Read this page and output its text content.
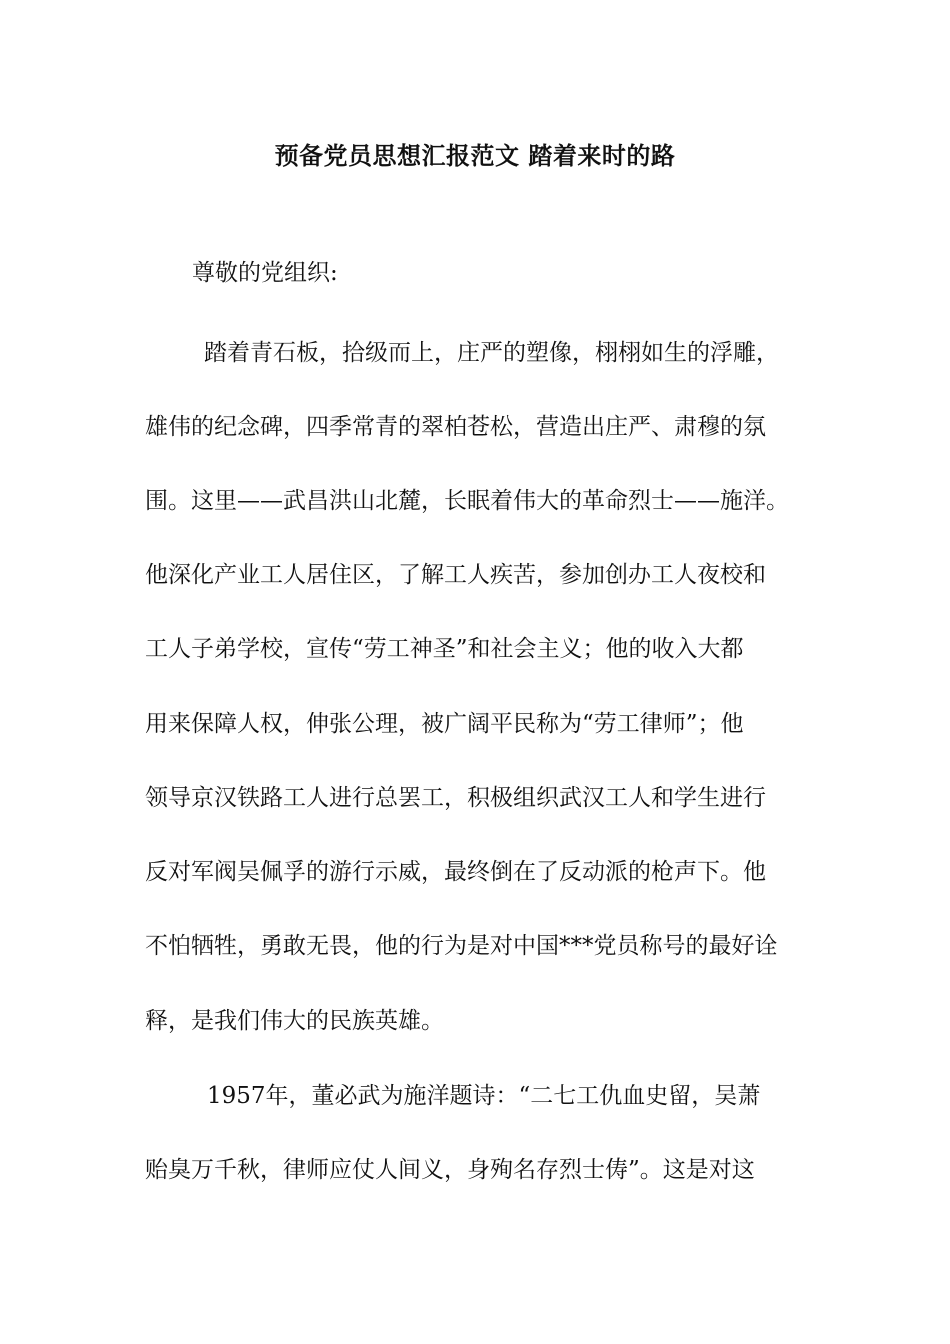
预备党员思想汇报范文 踏着来时的路
尊敬的党组织:
踏着青石板，拾级而上，庄严的塑像，栩栩如生的浮雕，
雄伟的纪念碑，四季常青的翠柏苍松，营造出庄严、肃穆的氛
围。这里——武昌洪山北麓，长眠着伟大的革命烈士——施洋。
他深化产业工人居住区，了解工人疾苦，参加创办工人夜校和
工人子弟学校，宣传“劳工神圣”和社会主义；他的收入大都
用来保障人权，伸张公理，被广阔平民称为“劳工律师”；他
领导京汉铁路工人进行总罢工，积极组织武汉工人和学生进行
反对军阀吴佩孚的游行示威，最终倒在了反动派的枪声下。他
不怕牺牲，勇敢无畏，他的行为是对中国***党员称号的最好诠
释，是我们伟大的民族英雄。
1957年，董必武为施洋题诗：“二七工仇血史留，吴萧
贻臭万千秋，律师应仗人间义，身殉名存烈士俦”。这是对这
